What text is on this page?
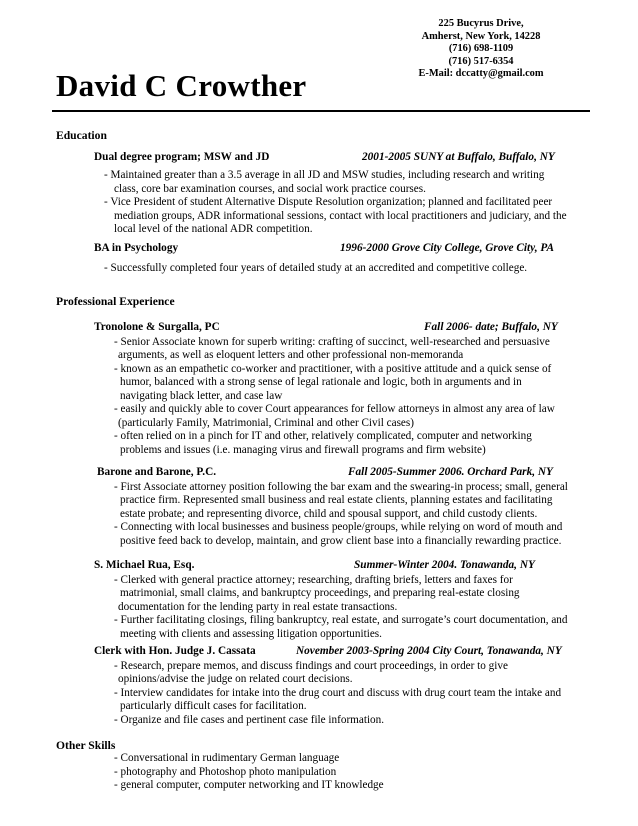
David C Crowther
225 Bucyrus Drive,
Amherst, New York, 14228
(716) 698-1109
(716) 517-6354
E-Mail: dccatty@gmail.com
Education
Dual degree program; MSW and JD	2001-2005 SUNY at Buffalo, Buffalo, NY
- Maintained greater than a 3.5 average in all JD and MSW studies, including research and writing
class, core bar examination courses, and social work practice courses.
- Vice President of student Alternative Dispute Resolution organization; planned and facilitated peer
mediation groups, ADR informational sessions, contact with local practitioners and judiciary, and the
local level of the national ADR competition.
BA in Psychology	1996-2000 Grove City College, Grove City, PA
- Successfully completed four years of detailed study at an accredited and competitive college.
Professional Experience
Tronolone & Surgalla, PC	Fall 2006- date; Buffalo, NY
- Senior Associate known for superb writing: crafting of succinct, well-researched and persuasive
arguments, as well as eloquent letters and other professional non-memoranda
- known as an empathetic co-worker and practitioner, with a positive attitude and a quick sense of
humor, balanced with a strong sense of legal rationale and logic, both in arguments and in
navigating black letter, and case law
- easily and quickly able to cover Court appearances for fellow attorneys in almost any area of law
(particularly Family, Matrimonial, Criminal and other Civil cases)
- often relied on in a pinch for IT and other, relatively complicated, computer and networking
problems and issues (i.e. managing virus and firewall programs and firm website)
Barone and Barone, P.C.	Fall 2005-Summer 2006. Orchard Park, NY
- First Associate attorney position following the bar exam and the swearing-in process; small, general
practice firm. Represented small business and real estate clients, planning estates and facilitating
estate probate; and representing divorce, child and spousal support, and child custody clients.
- Connecting with local businesses and business people/groups, while relying on word of mouth and
positive feed back to develop, maintain, and grow client base into a financially rewarding practice.
S. Michael Rua, Esq.	Summer-Winter 2004. Tonawanda, NY
- Clerked with general practice attorney; researching, drafting briefs, letters and faxes for
matrimonial, small claims, and bankruptcy proceedings, and preparing real-estate closing
documentation for the lending party in real estate transactions.
- Further facilitating closings, filing bankruptcy, real estate, and surrogate’s court documentation, and
meeting with clients and assessing litigation opportunities.
Clerk with Hon. Judge J. Cassata	November 2003-Spring 2004 City Court, Tonawanda, NY
- Research, prepare memos, and discuss findings and court proceedings, in order to give
opinions/advise the judge on related court decisions.
- Interview candidates for intake into the drug court and discuss with drug court team the intake and
particularly difficult cases for facilitation.
- Organize and file cases and pertinent case file information.
Other Skills
- Conversational in rudimentary German language
- photography and Photoshop photo manipulation
- general computer, computer networking and IT knowledge
